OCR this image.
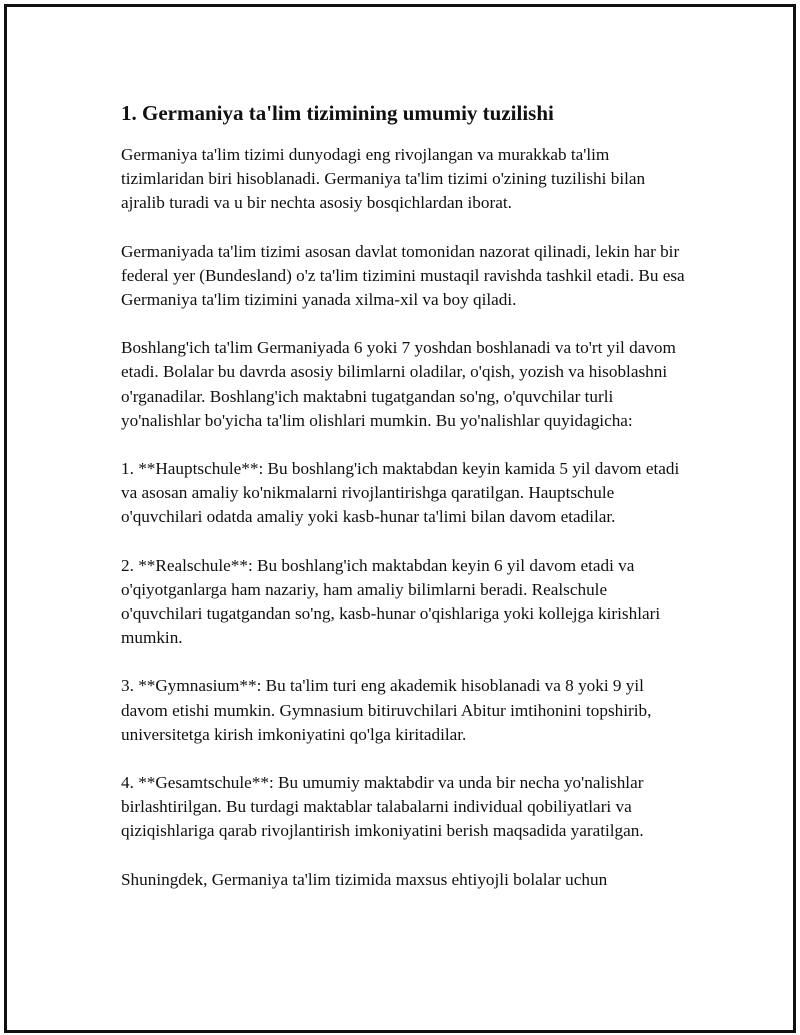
1. Germaniya ta'lim tizimining umumiy tuzilishi

Germaniya ta'lim tizimi dunyodagi eng rivojlangan va murakkab ta'lim tizimlaridan biri hisoblanadi. Germaniya ta'lim tizimi o'zining tuzilishi bilan ajralib turadi va u bir nechta asosiy bosqichlardan iborat.

Germaniyada ta'lim tizimi asosan davlat tomonidan nazorat qilinadi, lekin har bir federal yer (Bundesland) o'z ta'lim tizimini mustaqil ravishda tashkil etadi. Bu esa Germaniya ta'lim tizimini yanada xilma-xil va boy qiladi.

Boshlang'ich ta'lim Germaniyada 6 yoki 7 yoshdan boshlanadi va to'rt yil davom etadi. Bolalar bu davrda asosiy bilimlarni oladilar, o'qish, yozish va hisoblashni o'rganadilar. Boshlang'ich maktabni tugatgandan so'ng, o'quvchilar turli yo'nalishlar bo'yicha ta'lim olishlari mumkin. Bu yo'nalishlar quyidagicha:

1. **Hauptschule**: Bu boshlang'ich maktabdan keyin kamida 5 yil davom etadi va asosan amaliy ko'nikmalarni rivojlantirishga qaratilgan. Hauptschule o'quvchilari odatda amaliy yoki kasb-hunar ta'limi bilan davom etadilar.

2. **Realschule**: Bu boshlang'ich maktabdan keyin 6 yil davom etadi va o'qiyotganlarga ham nazariy, ham amaliy bilimlarni beradi. Realschule o'quvchilari tugatgandan so'ng, kasb-hunar o'qishlariga yoki kollejga kirishlari mumkin.

3. **Gymnasium**: Bu ta'lim turi eng akademik hisoblanadi va 8 yoki 9 yil davom etishi mumkin. Gymnasium bitiruvchilari Abitur imtihonini topshirib, universitetga kirish imkoniyatini qo'lga kiritadilar.

4. **Gesamtschule**: Bu umumiy maktabdir va unda bir necha yo'nalishlar birlashtirilgan. Bu turdagi maktablar talabalarni individual qobiliyatlari va qiziqishlariga qarab rivojlantirish imkoniyatini berish maqsadida yaratilgan.

Shuningdek, Germaniya ta'lim tizimida maxsus ehtiyojli bolalar uchun
